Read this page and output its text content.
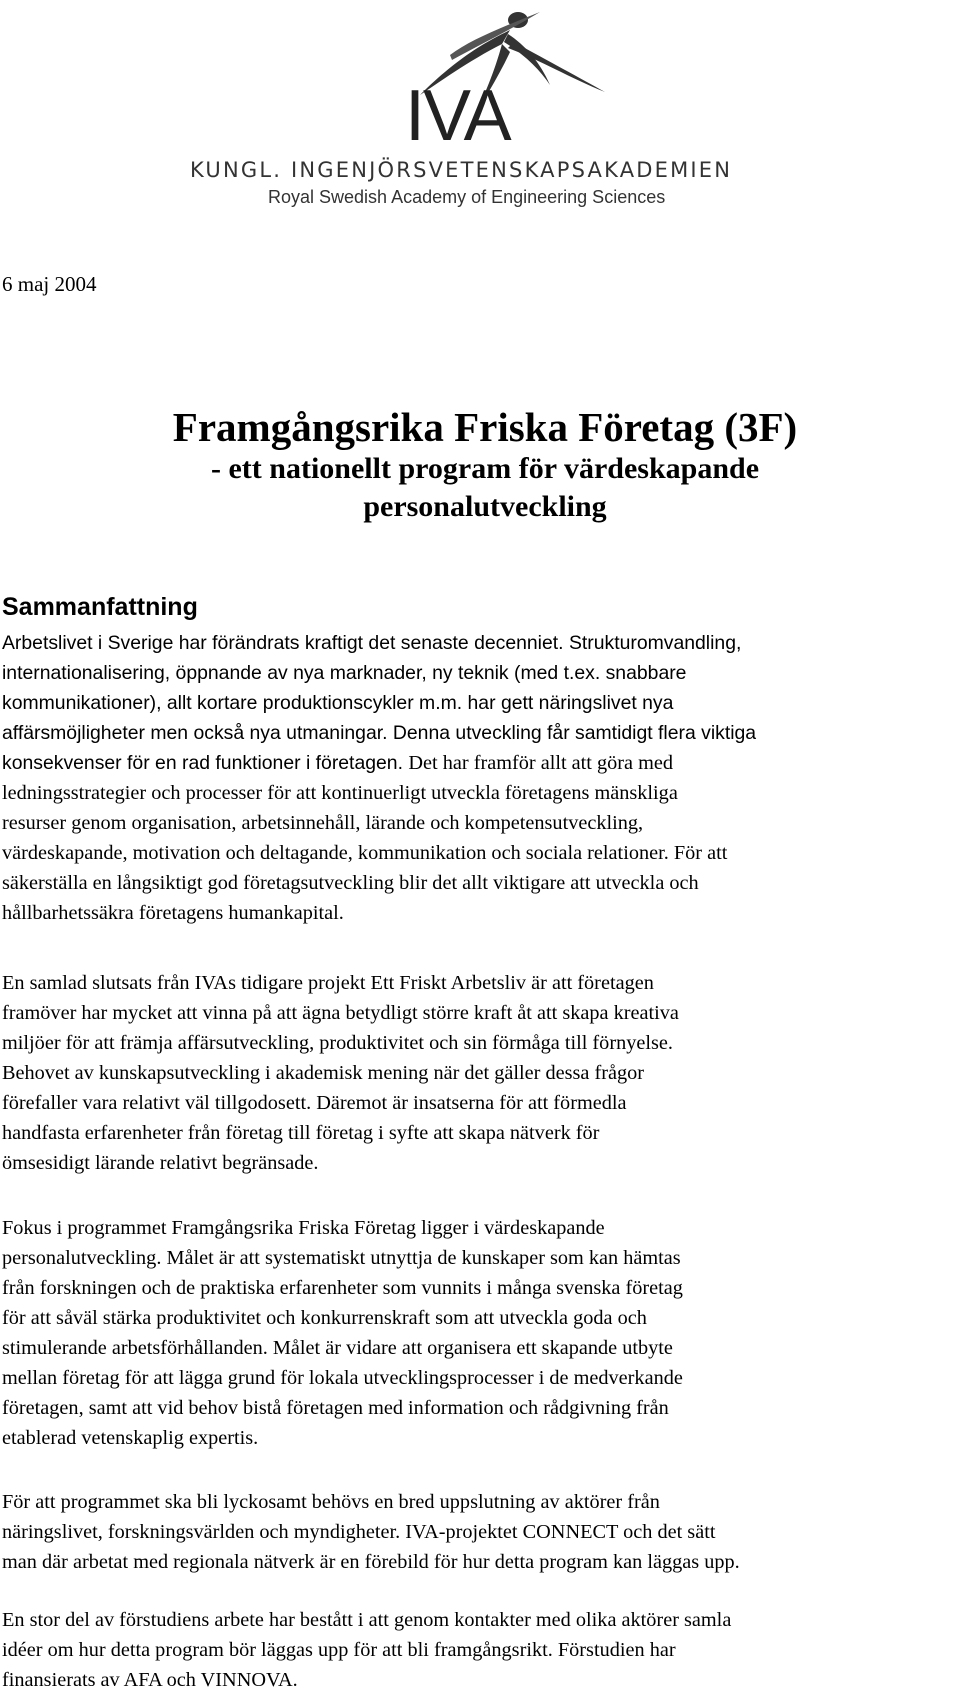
IVA
KUNGL. INGENJÖRSVETENSKAPSAKADEMIEN
Royal Swedish Academy of Engineering Sciences
6 maj 2004
Framgångsrika Friska Företag (3F)

- ett nationellt program för värdeskapande

personalutveckling

Sammanfattning
Arbetslivet i Sverige har förändrats kraftigt det senaste decenniet. Strukturomvandling,
internationalisering, öppnande av nya marknader, ny teknik (med t.ex. snabbare
kommunikationer), allt kortare produktionscykler m.m. har gett näringslivet nya
affärsmöjligheter men också nya utmaningar. Denna utveckling får samtidigt flera viktiga
konsekvenser för en rad funktioner i företagen. Det har framför allt att göra med
ledningsstrategier och processer för att kontinuerligt utveckla företagens mänskliga
resurser genom organisation, arbetsinnehåll, lärande och kompetensutveckling,
värdeskapande, motivation och deltagande, kommunikation och sociala relationer. För att
säkerställa en långsiktigt god företagsutveckling blir det allt viktigare att utveckla och
hållbarhetssäkra företagens humankapital.
En samlad slutsats från IVAs tidigare projekt Ett Friskt Arbetsliv är att företagen
framöver har mycket att vinna på att ägna betydligt större kraft åt att skapa kreativa
miljöer för att främja affärsutveckling, produktivitet och sin förmåga till förnyelse.
Behovet av kunskapsutveckling i akademisk mening när det gäller dessa frågor
förefaller vara relativt väl tillgodosett. Däremot är insatserna för att förmedla
handfasta erfarenheter från företag till företag i syfte att skapa nätverk för
ömsesidigt lärande relativt begränsade.
Fokus i programmet Framgångsrika Friska Företag ligger i värdeskapande
personalutveckling. Målet är att systematiskt utnyttja de kunskaper som kan hämtas
från forskningen och de praktiska erfarenheter som vunnits i många svenska företag
för att såväl stärka produktivitet och konkurrenskraft som att utveckla goda och
stimulerande arbetsförhållanden. Målet är vidare att organisera ett skapande utbyte
mellan företag för att lägga grund för lokala utvecklingsprocesser i de medverkande
företagen, samt att vid behov bistå företagen med information och rådgivning från
etablerad vetenskaplig expertis.
För att programmet ska bli lyckosamt behövs en bred uppslutning av aktörer från
näringslivet, forskningsvärlden och myndigheter. IVA-projektet CONNECT och det sätt
man där arbetat med regionala nätverk är en förebild för hur detta program kan läggas upp.
En stor del av förstudiens arbete har bestått i att genom kontakter med olika aktörer samla
idéer om hur detta program bör läggas upp för att bli framgångsrikt. Förstudien har
finansierats av AFA och VINNOVA.
